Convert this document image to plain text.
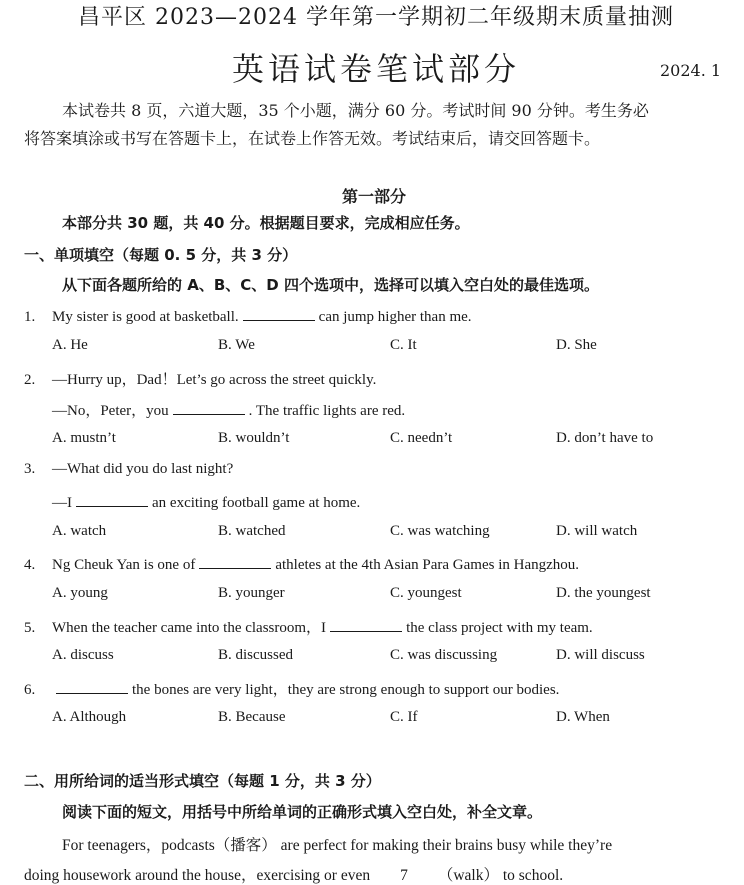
昌平区 2023—2024 学年第一学期初二年级期末质量抽测
英语试卷笔试部分	2024. 1
本试卷共 8 页，六道大题，35 个小题，满分 60 分。考试时间 90 分钟。考生务必
将答案填涂或书写在答题卡上，在试卷上作答无效。考试结束后，请交回答题卡。
第一部分
本部分共 30 题，共 40 分。根据题目要求，完成相应任务。
一、单项填空（每题 0. 5 分，共 3 分）
从下面各题所给的 A、B、C、D 四个选项中，选择可以填入空白处的最佳选项。
1. My sister is good at basketball.	can jump higher than me.
A. He	B. We	C. It	D. She
2. —Hurry up，Dad！Let’s go across the street quickly.
—No，Peter，you	. The traffic lights are red.
A. mustn’t	B. wouldn’t	C. needn’t	D. don’t have to
3. —What did you do last night?
—I	an exciting football game at home.
A. watch	B. watched	C. was watching	D. will watch
4. Ng Cheuk Yan is one of	athletes at the 4th Asian Para Games in Hangzhou.
A. young	B. younger	C. youngest	D. the youngest
5. When the teacher came into the classroom，I	the class project with my team.
A. discuss	B. discussed	C. was discussing	D. will discuss
6.	the bones are very light，they are strong enough to support our bodies.
A. Although	B. Because	C. If	D. When
二、用所给词的适当形式填空（每题 1 分，共 3 分）
阅读下面的短文，用括号中所给单词的正确形式填入空白处，补全文章。
For teenagers，podcasts（播客） are perfect for making their brains busy while they’re
doing housework around the house，exercising or even 7 （walk） to school.
